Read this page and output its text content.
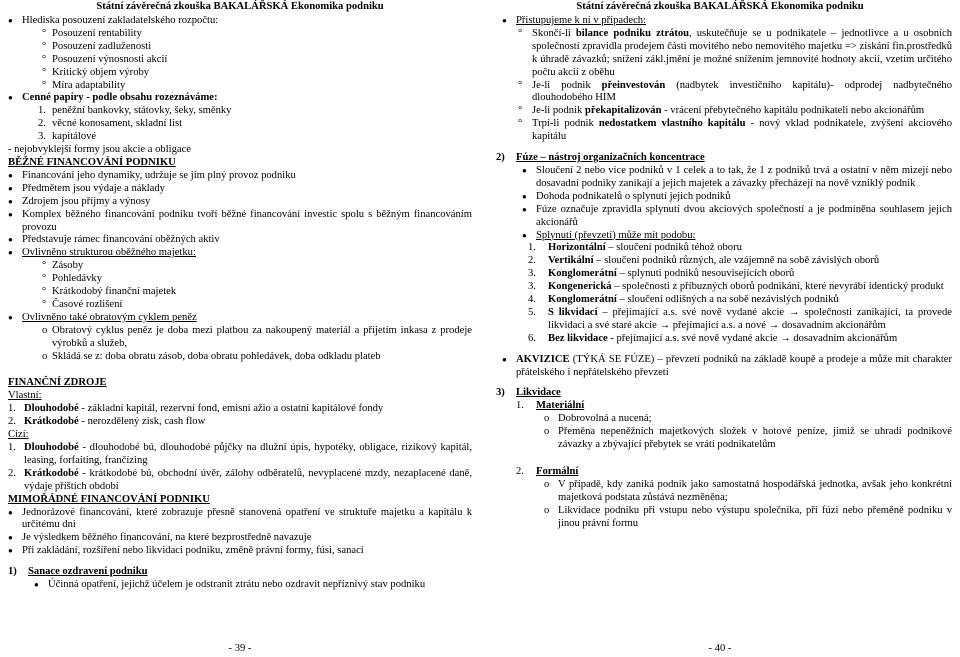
Státní závěrečná zkouška BAKALÁŘSKÁ Ekonomika podniku

● Hlediska posouzení zakladatelského rozpočtu:

° Posouzení rentability

° Posouzení zadluženosti

° Posouzení výnosnosti akcií

° Kritický objem výroby

° Míra adaptability

● Cenné papíry - podle obsahu rozeznáváme:

1. peněžní bankovky, státovky, šeky, směnky

2. věcné konosament, skladní list

3. kapitálové

- nejobvyklejší formy jsou akcie a obligace

BĚŽNÉ FINANCOVÁNÍ PODNIKU

● Financování jeho dynamiky, udržuje se jím plný provoz podniku

● Předmětem jsou výdaje a náklady

● Zdrojem jsou příjmy a výnosy

● Komplex běžného financování podniku tvoří běžné financování investic spolu s běžným financováním provozu

● Představuje rámec financování oběžných aktiv

● Ovlivněno strukturou oběžného majetku:

° Zásoby

° Pohledávky

° Krátkodobý finanční majetek

° Časové rozlišení

● Ovlivněno také obratovým cyklem peněz

o Obratový cyklus peněz je doba mezi platbou za nakoupený materiál a přijetím inkasa z prodeje výrobků a služeb,

o Skládá se z: doba obratu zásob, doba obratu pohledávek, doba odkladu plateb

FINANČNÍ ZDROJE

Vlastní:

1. Dlouhodobé - základní kapitál, rezervní fond, emisní ažio a ostatní kapitálové fondy

2. Krátkodobé - nerozdělený zisk, cash flow

Cizí:

1. Dlouhodobé - dlouhodobé bú, dlouhodobé půjčky na dlužní úpis, hypotéky, obligace, rizikový kapitál, leasing, forfaiting, frančízing

2. Krátkodobé - krátkodobé bú, obchodní úvěr, zálohy odběratelů, nevyplacené mzdy, nezaplacené daně, výdaje příštích období

MIMOŘÁDNÉ FINANCOVÁNÍ PODNIKU

● Jednorázové financování, které zobrazuje přesně stanovená opatření ve struktuře majetku a kapitálu k určitému dni

● Je výsledkem běžného financování, na které bezprostředně navazuje

● Při zakládání, rozšíření nebo likvidaci podniku, změně právní formy, fúsi, sanaci

1) Sanace ozdravení podniku

● Účinná opatření, jejichž účelem je odstranit ztrátu nebo ozdravit nepříznivý stav podniku

- 39 -
Státní závěrečná zkouška BAKALÁŘSKÁ Ekonomika podniku

● Přistupujeme k ní v případech:

° Skončí-li bilance podniku ztrátou, uskutečňuje se u podnikatele – jednotlivce a u osobních společností zpravidla prodejem části movitého nebo nemovitého majetku => získání fin.prostředků k úhradě závazků; snížení zákl.jmění je možné snížením jemnovité hodnoty akcií, vzetím určitého počtu akcií z oběhu

° Je-li podnik přeinvestován (nadbytek investičního kapitálu)- odprodej nadbytečného dlouhodobého HIM

° Je-li podnik překapitalizován - vrácení přebytečného kapitálu podnikateli nebo akcionářům

° Trpí-li podnik nedostatkem vlastního kapitálu - nový vklad podnikatele, zvýšení akciového kapitálu

2) Fúze – nástroj organizačních koncentrace

● Sloučení 2 nebo více podniků v 1 celek a to tak, že 1 z podniků trvá a ostatní v něm mizejí nebo dosavadní podniky zanikají a jejich majetek a závazky přecházejí na nově vzniklý podnik

● Dohoda podnikatelů o splynutí jejich podniků

● Fúze označuje zpravidla splynutí dvou akciových společností a je podmíněna souhlasem jejich akcionářů

● Splynutí (převzetí) může mít podobu:

1. Horizontální – sloučení podniků téhož oboru

2. Vertikální – sloučení podniků různých, ale vzájemně na sobě závislých oborů

3. Konglomerátní – splynutí podniků nesouvisejících oborů

3. Kongenerická – společnosti z příbuzných oborů podnikání, které nevyrábí identický produkt

4. Konglomerátní – sloučení odlišných a na sobě nezávislých podniků

5. S likvidací – přejímající a.s. své nově vydané akcie → společnosti zanikající, ta provede likvidaci a své staré akcie → přejímající a.s. a nové → dosavadním akcionářům

6. Bez likvidace - přejímající a.s. své nově vydané akcie → dosavadním akcionářům

● AKVIZICE (TÝKÁ SE FÚZE) – převzetí podniků na základě koupě a prodeje a může mít charakter přátelského i nepřátelského převzetí

3) Likvidace

1. Materiální

o Dobrovolná a nucená;

o Přeměna nepeněžních majetkových složek v hotové peníze, jimiž se uhradí podnikové závazky a zbývající přebytek se vrátí podnikatelům

2. Formální

o V případě, kdy zaniká podnik jako samostatná hospodářská jednotka, avšak jeho konkrétní majetková podstata zůstává nezměněna;

o Likvidace podniku při vstupu nebo výstupu společníka, při fúzi nebo přeměně podniku v jinou právní formu

- 40 -
